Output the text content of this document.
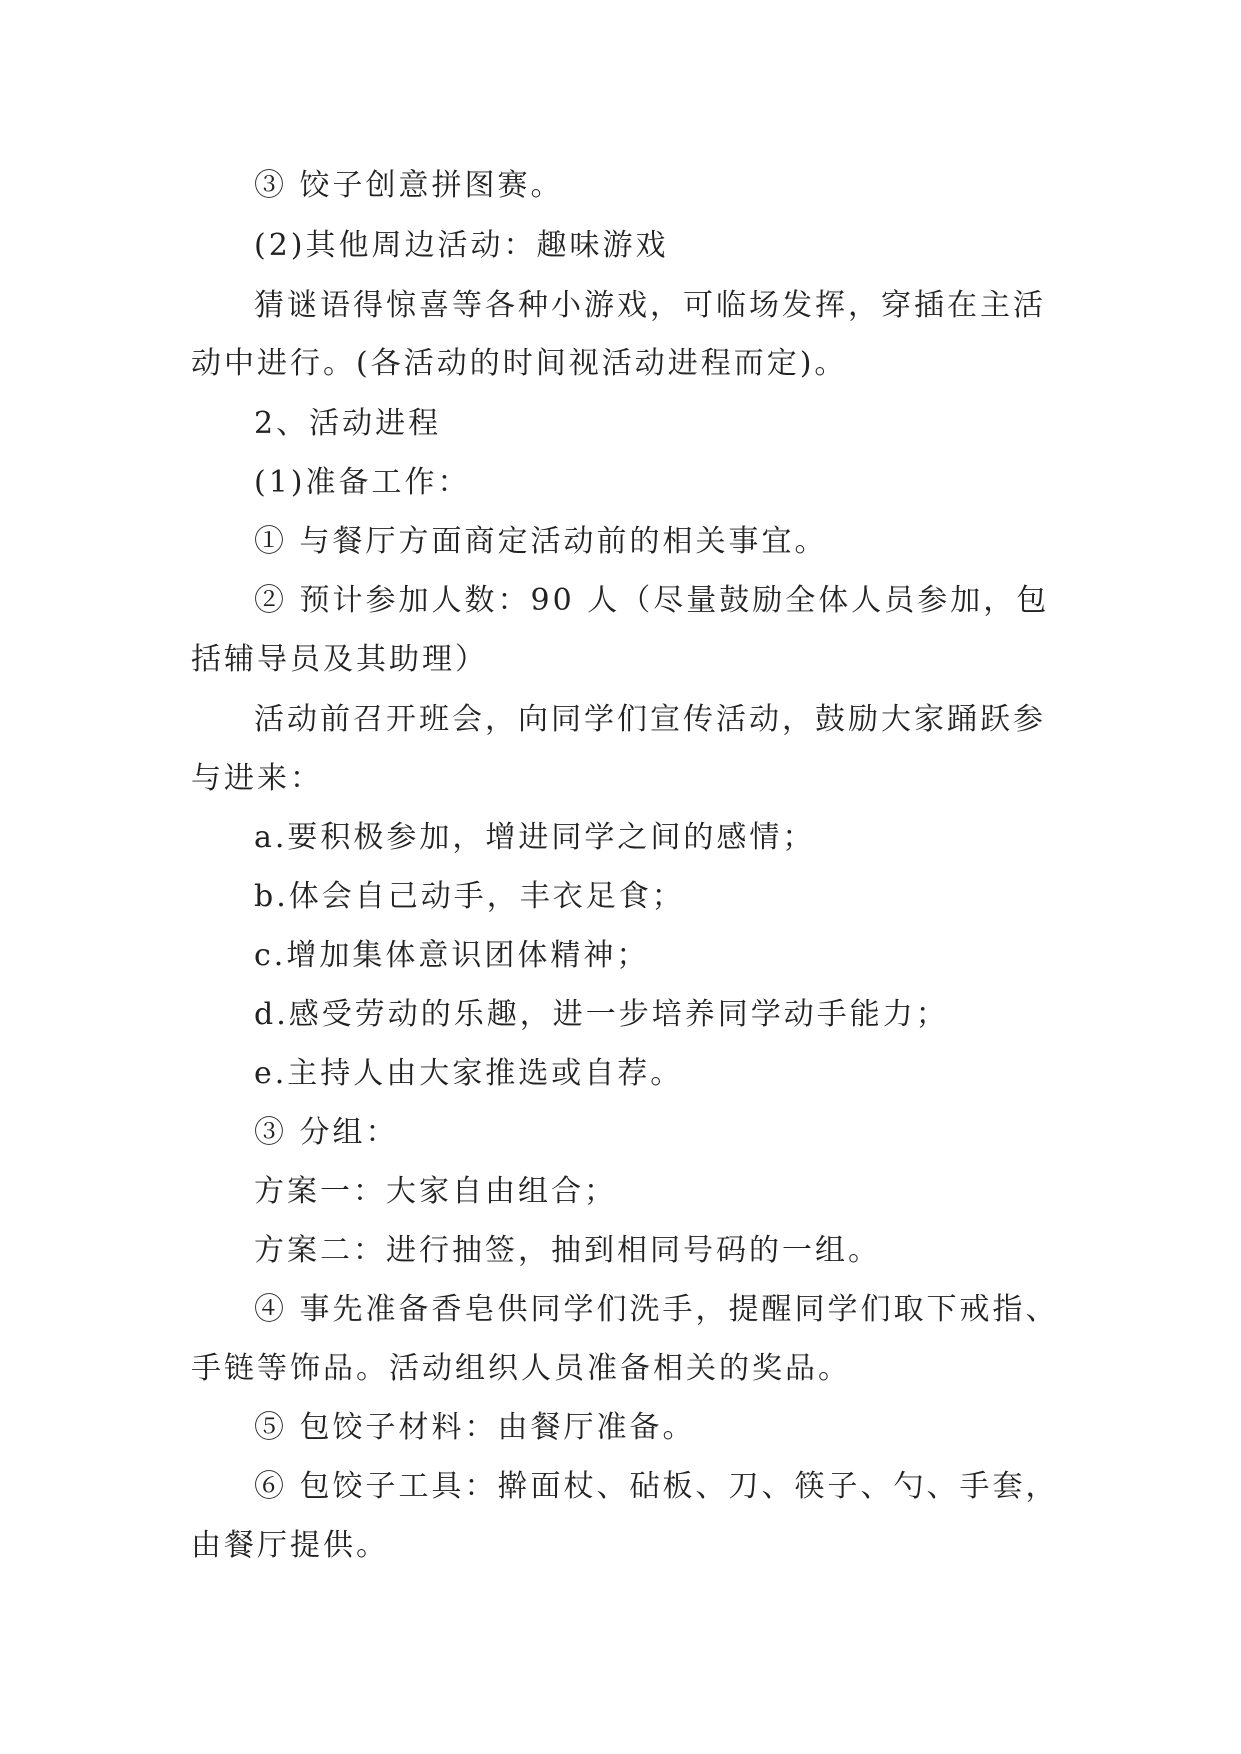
③ 饺子创意拼图赛。
(2)其他周边活动：趣味游戏
猜谜语得惊喜等各种小游戏，可临场发挥，穿插在主活
动中进行。(各活动的时间视活动进程而定)。
2、活动进程
(1)准备工作：
① 与餐厅方面商定活动前的相关事宜。
② 预计参加人数：90 人（尽量鼓励全体人员参加，包
括辅导员及其助理）
活动前召开班会，向同学们宣传活动，鼓励大家踊跃参
与进来：
a.要积极参加，增进同学之间的感情；
b.体会自己动手，丰衣足食；
c.增加集体意识团体精神；
d.感受劳动的乐趣，进一步培养同学动手能力；
e.主持人由大家推选或自荐。
③ 分组：
方案一：大家自由组合；
方案二：进行抽签，抽到相同号码的一组。
④ 事先准备香皂供同学们洗手，提醒同学们取下戒指、
手链等饰品。活动组织人员准备相关的奖品。
⑤ 包饺子材料：由餐厅准备。
⑥ 包饺子工具：擀面杖、砧板、刀、筷子、勺、手套，
由餐厅提供。
